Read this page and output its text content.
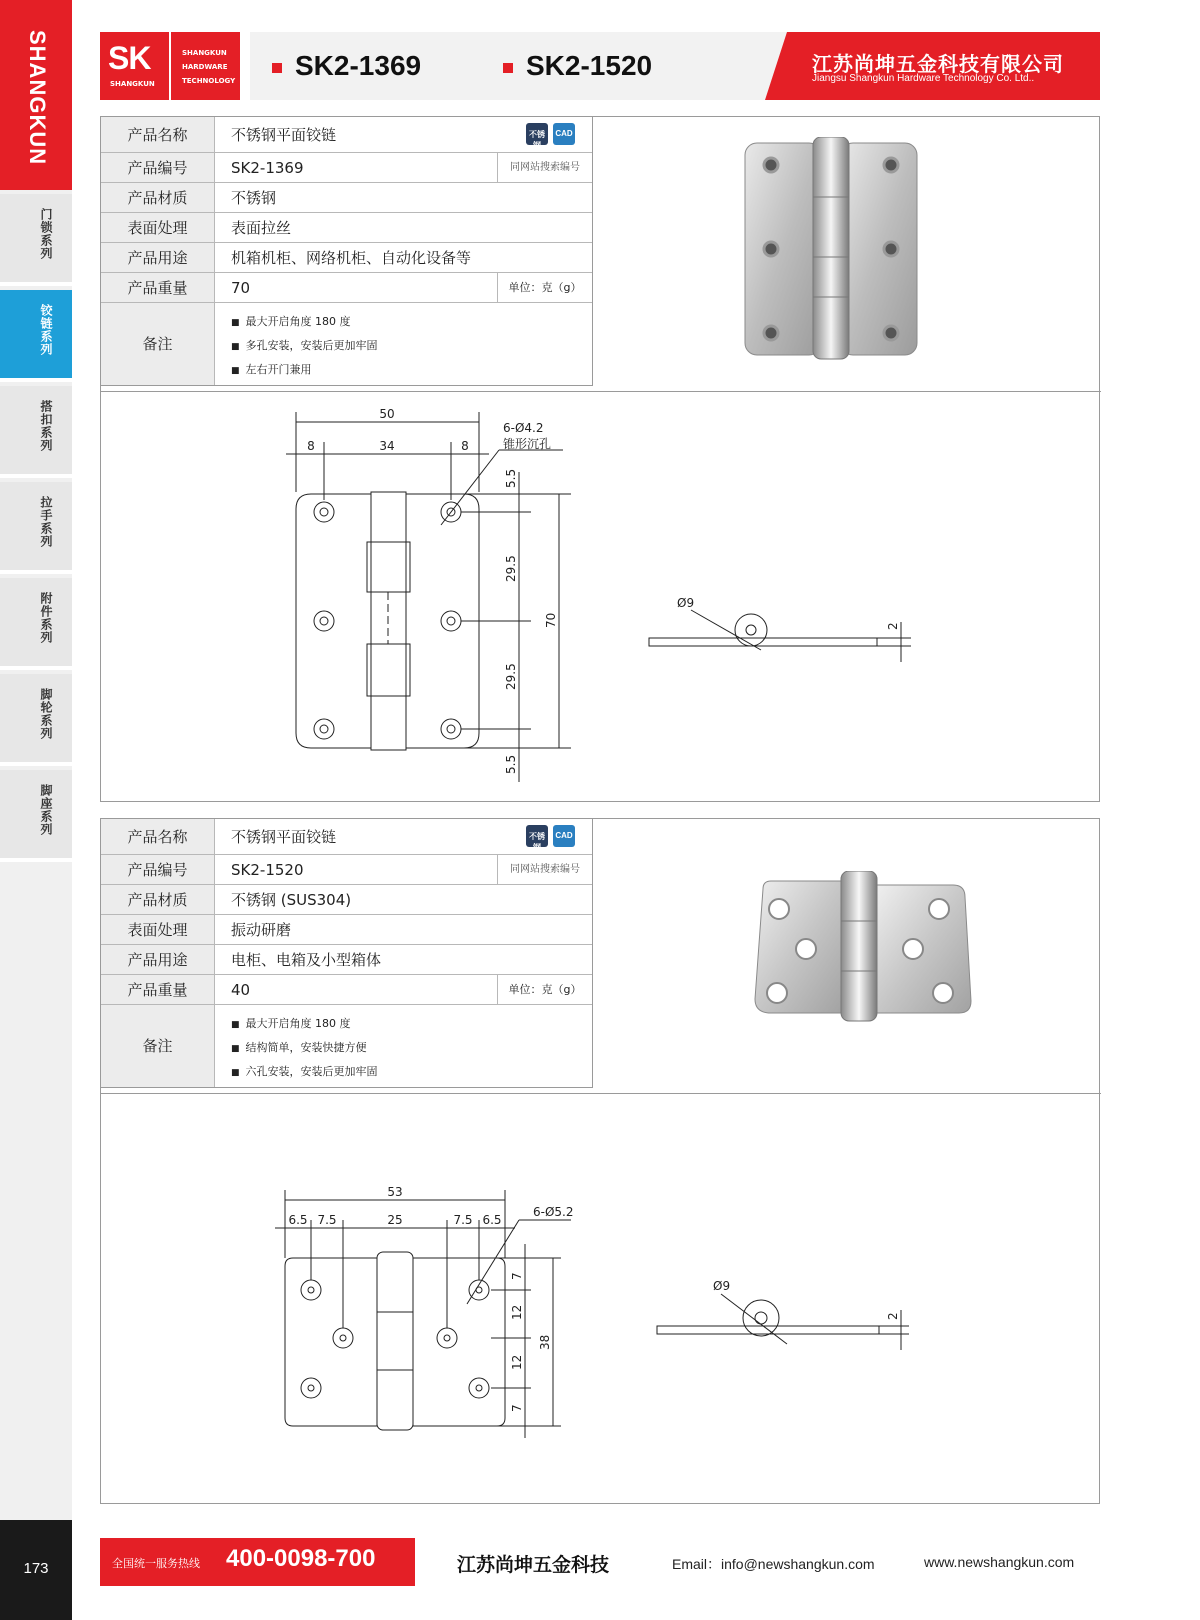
SHANGKUN
门锁系列
铰链系列
搭扣系列
拉手系列
附件系列
脚轮系列
脚座系列
173
SK
SHANGKUN
SHANGKUN
HARDWARE
TECHNOLOGY SK2-1369	SK2-1520	江苏尚坤五金科技有限公司
Jiangsu Shangkun Hardware Technology Co. Ltd..
产品名称	不锈钢平面铰链	不锈钢
CAD
产品编号	SK2-1369	同网站搜索编号
产品材质	不锈钢
表面处理	表面拉丝
产品用途	机箱机柜、网络机柜、自动化设备等
产品重量	70	单位：克（g）
备注
■ 最大开启角度 180 度
■ 多孔安装，安装后更加牢固
■ 左右开门兼用
50
8	34	8
6-Ø4.2
锥形沉孔
5.5
29.5
29.5
5.5
70
Ø9
2
产品名称	不锈钢平面铰链	不锈钢
CAD
产品编号	SK2-1520	同网站搜索编号
产品材质	不锈钢 (SUS304)
表面处理	振动研磨
产品用途	电柜、电箱及小型箱体
产品重量	40	单位：克（g）
备注
■ 最大开启角度 180 度
■ 结构简单，安装快捷方便
■ 六孔安装，安装后更加牢固
53
6.5 7.5	25	7.5 6.5
6-Ø5.2
7
12
12
7
38
Ø9
2
全国统一服务热线 400-0098-700	江苏尚坤五金科技	Email：info@newshangkun.com	www.newshangkun.com
